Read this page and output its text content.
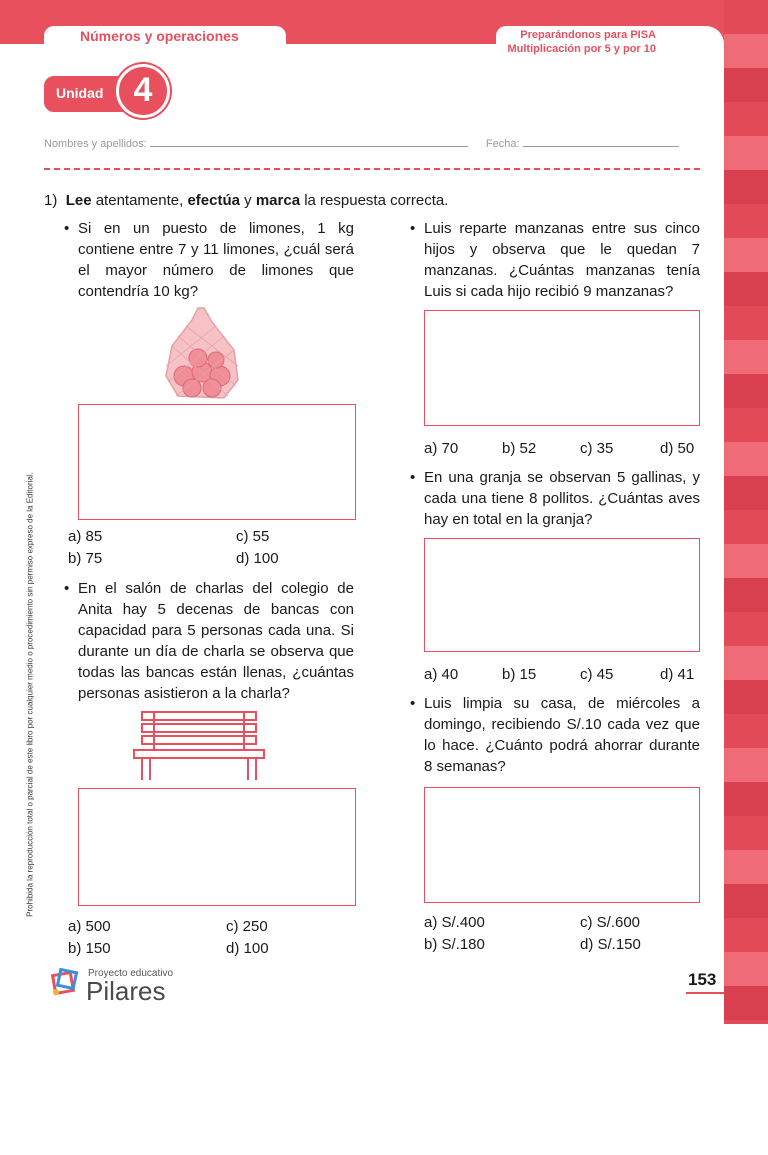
Números y operaciones	Preparándonos para PISA
Multiplicación por 5 y por 10
Unidad 4
Nombres y apellidos:	Fecha:
1) Lee atentamente, efectúa y marca la respuesta correcta.
• Si en un puesto de limones, 1 kg contiene entre 7 y 11 limones, ¿cuál será el mayor número de limones que contendría 10 kg?
a) 85
b) 75
c) 55
d) 100
• En el salón de charlas del colegio de Anita hay 5 decenas de bancas con capacidad para 5 personas cada una. Si durante un día de charla se observa que todas las bancas están llenas, ¿cuántas personas asistieron a la charla?
a) 500
b) 150
c) 250
d) 100
• Luis reparte manzanas entre sus cinco hijos y observa que le quedan 7 manzanas. ¿Cuántas manzanas tenía Luis si cada hijo recibió 9 manzanas?
a) 70	b) 52	c) 35	d) 50
• En una granja se observan 5 gallinas, y cada una tiene 8 pollitos. ¿Cuántas aves hay en total en la granja?
a) 40	b) 15	c) 45	d) 41
• Luis limpia su casa, de miércoles a domingo, recibiendo S/.10 cada vez que lo hace. ¿Cuánto podrá ahorrar durante 8 semanas?
a) S/.400
b) S/.180
c) S/.600
d) S/.150
Prohibida la reproducción total o parcial de este libro por cualquier medio o procedimiento sin permiso expreso de la Editorial.
Proyecto educativo
Pilares	153
